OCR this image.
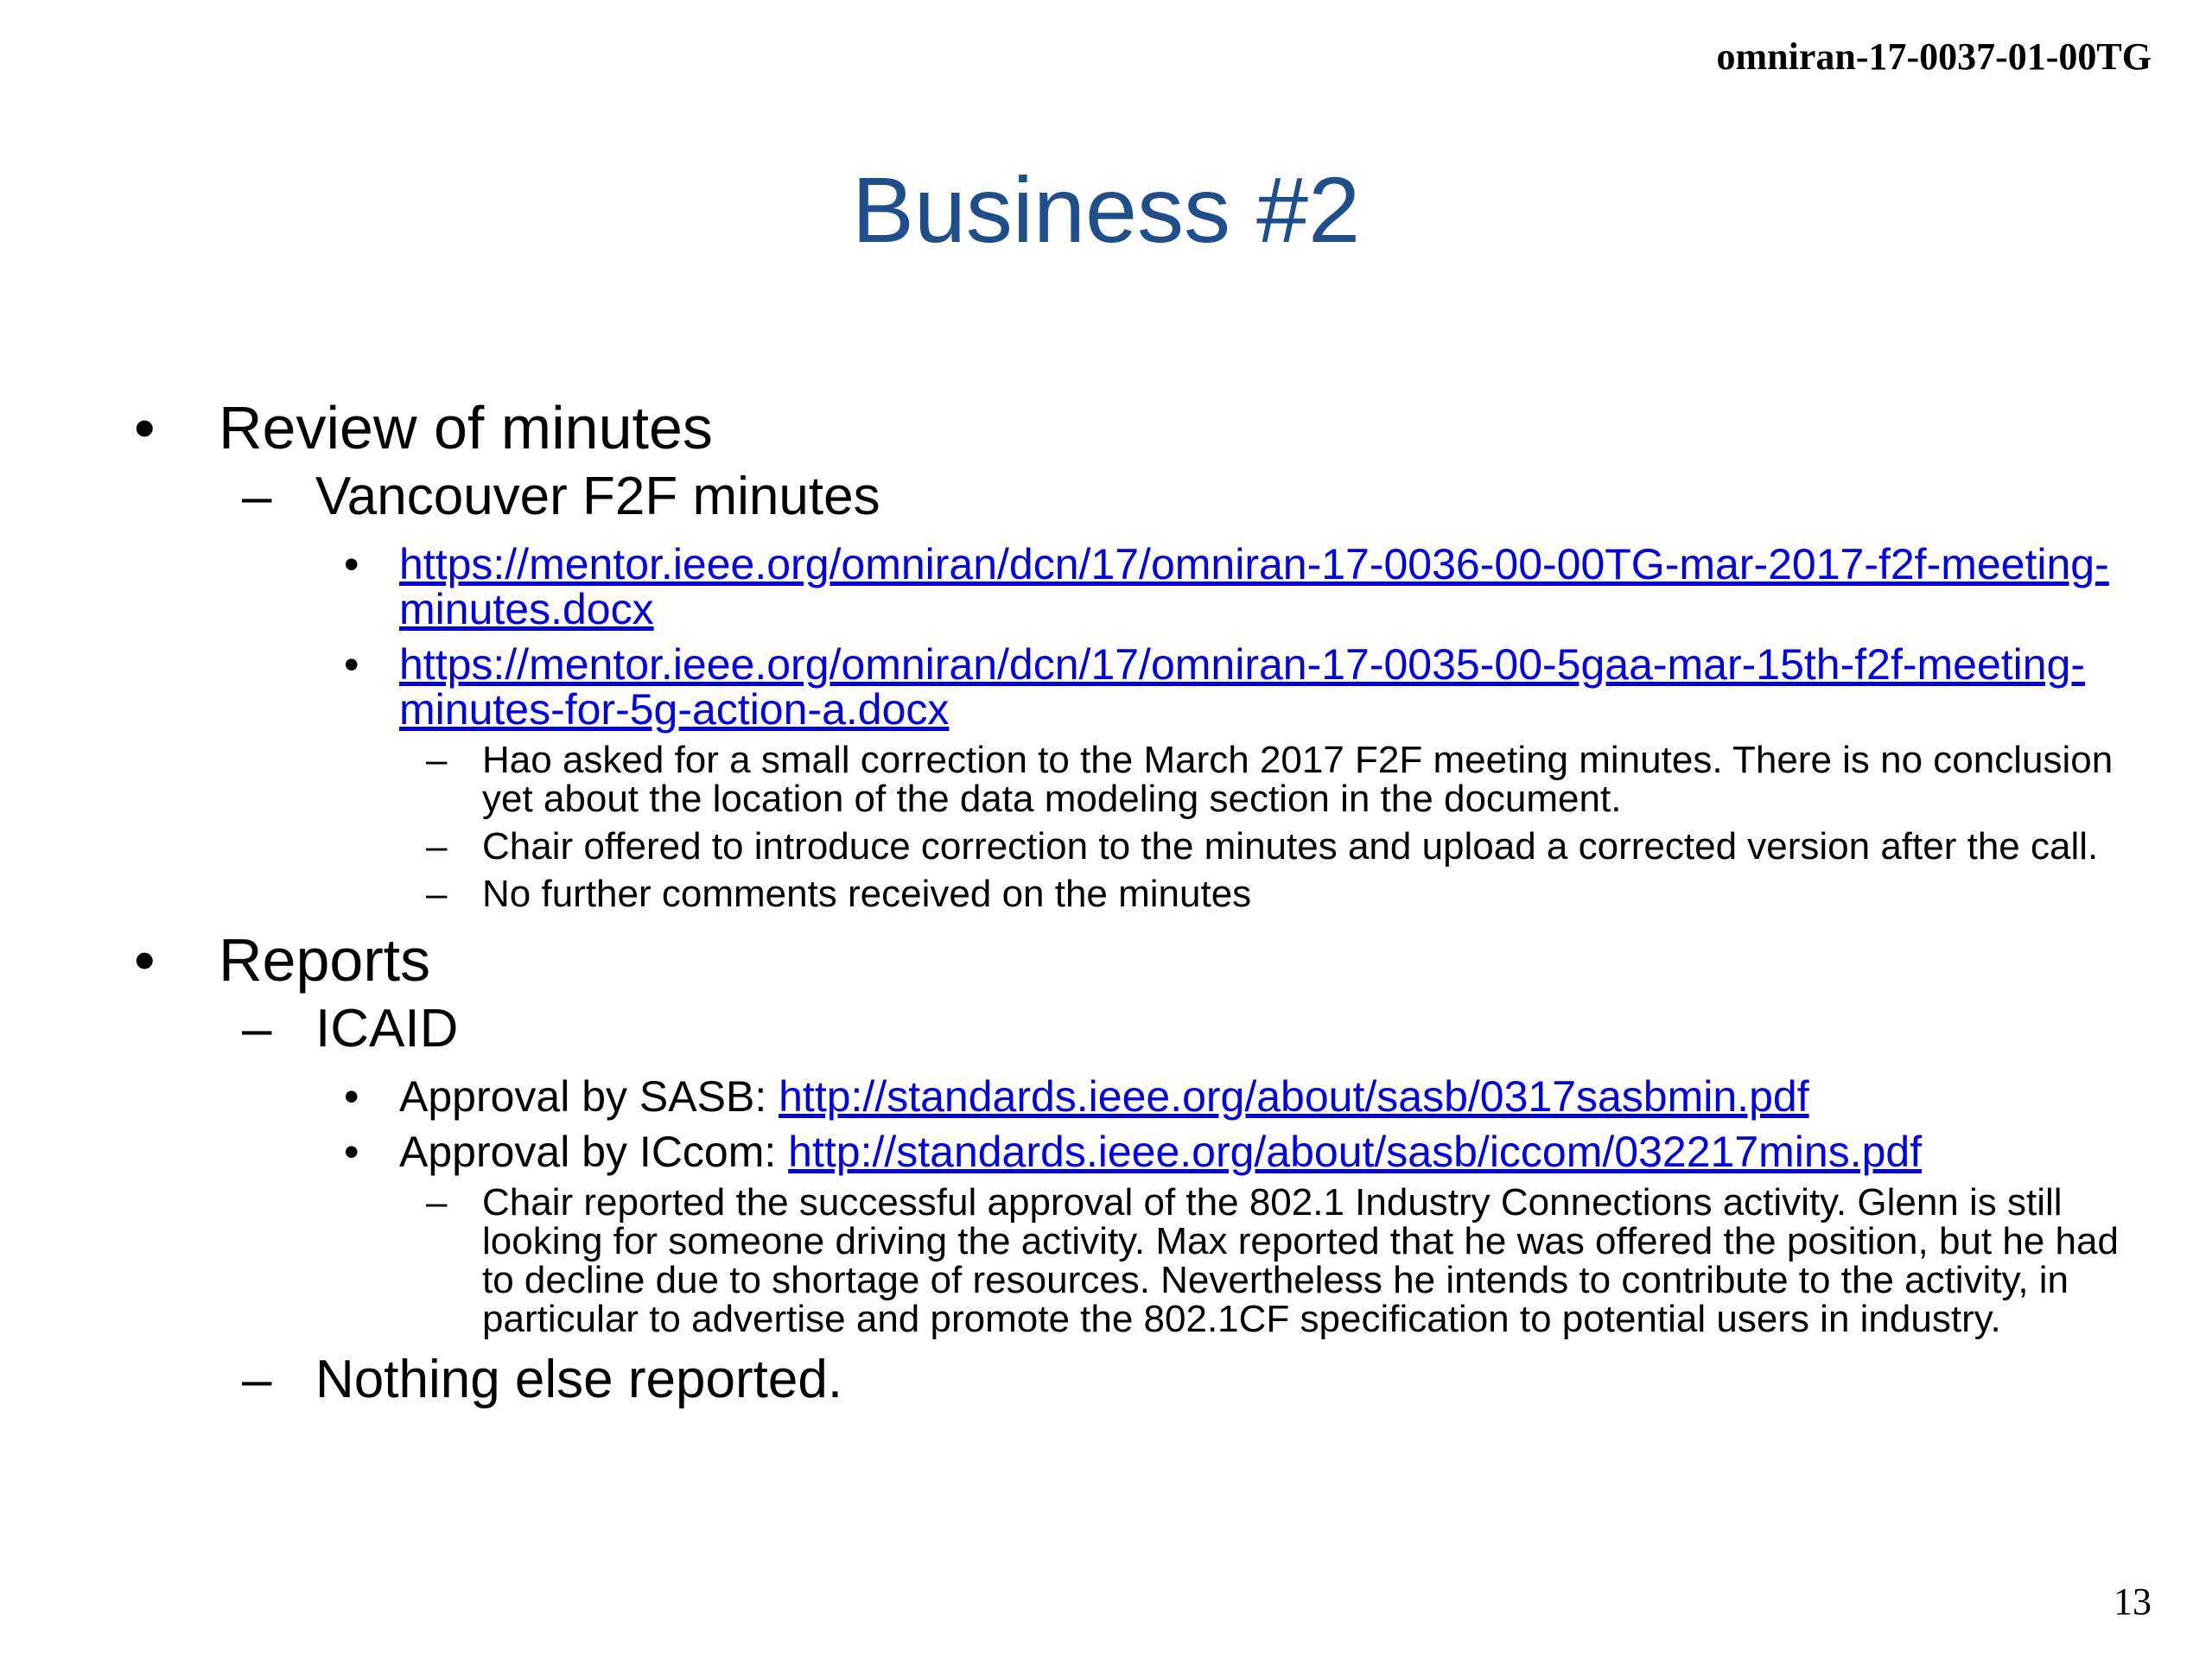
omniran-17-0037-01-00TG
Business #2
• Review of minutes
– Vancouver F2F minutes
• https://mentor.ieee.org/omniran/dcn/17/omniran-17-0036-00-00TG-mar-2017-f2f-meeting-minutes.docx
• https://mentor.ieee.org/omniran/dcn/17/omniran-17-0035-00-5gaa-mar-15th-f2f-meeting-minutes-for-5g-action-a.docx
– Hao asked for a small correction to the March 2017 F2F meeting minutes. There is no conclusion yet about the location of the data modeling section in the document.
– Chair offered to introduce correction to the minutes and upload a corrected version after the call.
– No further comments received on the minutes
• Reports
– ICAID
• Approval by SASB: http://standards.ieee.org/about/sasb/0317sasbmin.pdf
• Approval by ICcom: http://standards.ieee.org/about/sasb/iccom/032217mins.pdf
– Chair reported the successful approval of the 802.1 Industry Connections activity. Glenn is still looking for someone driving the activity. Max reported that he was offered the position, but he had to decline due to shortage of resources. Nevertheless he intends to contribute to the activity, in particular to advertise and promote the 802.1CF specification to potential users in industry.
– Nothing else reported.
13
